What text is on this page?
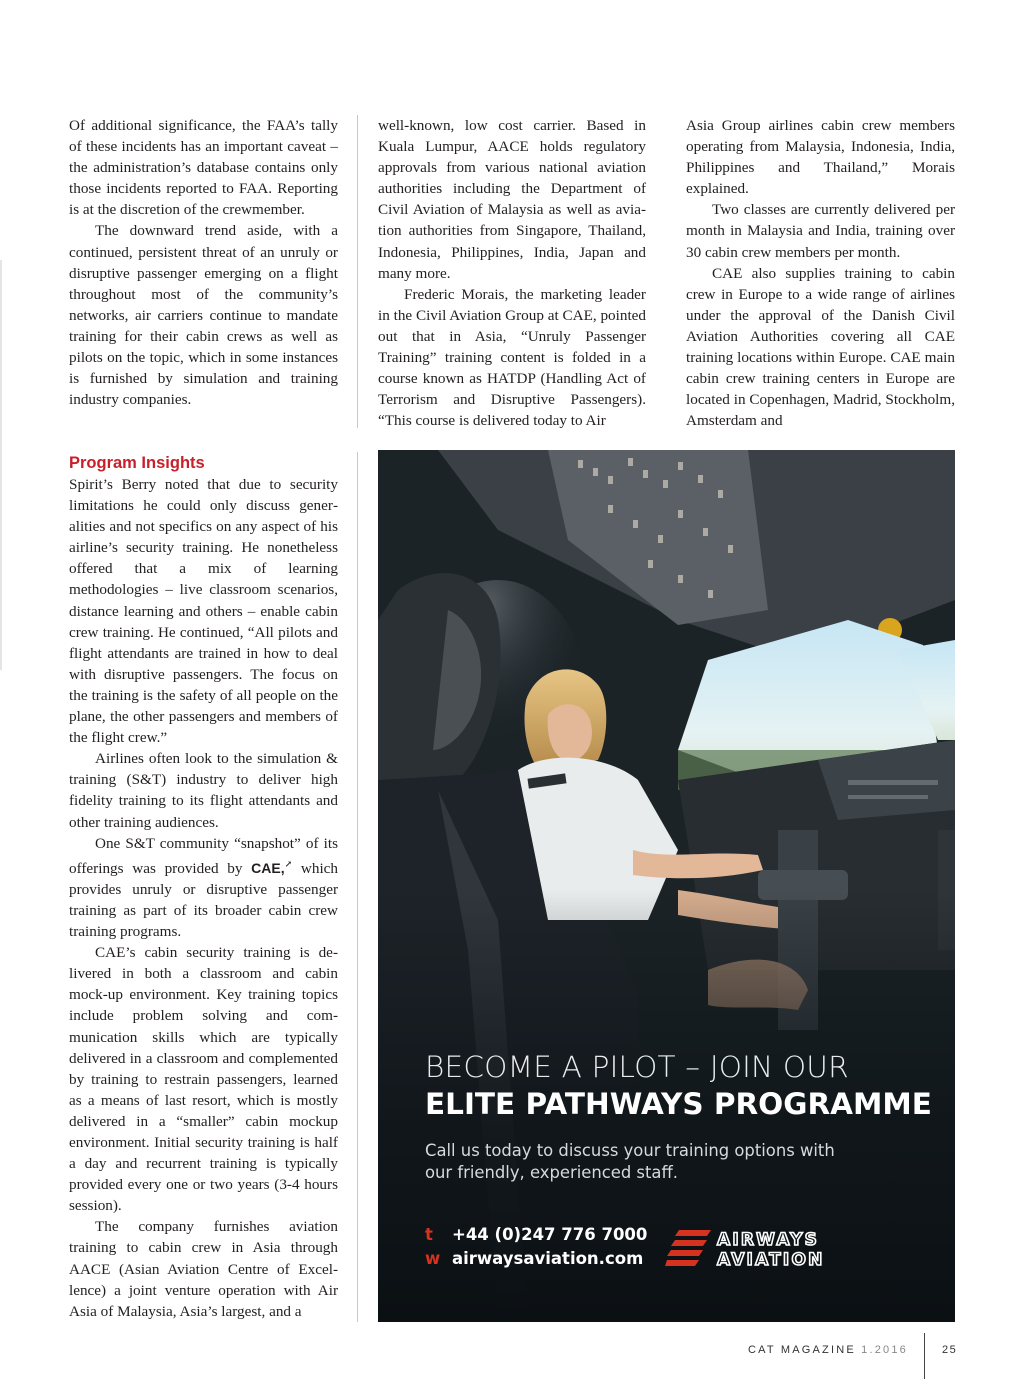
Of additional significance, the FAA’s tally of these incidents has an important caveat – the administration’s database contains only those incidents reported to FAA. Reporting is at the discretion of the crewmember.

The downward trend aside, with a continued, persistent threat of an unruly or disruptive passenger emerging on a flight throughout most of the community’s networks, air carriers continue to mandate training for their cabin crews as well as pilots on the topic, which in some instances is furnished by simulation and training industry companies.

Program Insights

Spirit’s Berry noted that due to security limitations he could only discuss generalities and not specifics on any aspect of his airline’s security training. He nonetheless offered that a mix of learning methodologies – live classroom scenarios, distance learning and others – enable cabin crew training. He continued, “All pilots and flight attendants are trained in how to deal with disruptive passengers. The focus on the training is the safety of all people on the plane, the other passengers and members of the flight crew.”

Airlines often look to the simulation & training (S&T) industry to deliver high fidelity training to its flight attendants and other training audiences.

One S&T community “snapshot” of its offerings was provided by CAE,↗ which provides unruly or disruptive passenger training as part of its broader cabin crew training programs.

CAE’s cabin security training is delivered in both a classroom and cabin mock-up environment. Key training topics include problem solving and communication skills which are typically delivered in a classroom and complemented by training to restrain passengers, learned as a means of last resort, which is mostly delivered in a “smaller” cabin mockup environment. Initial security training is half a day and recurrent training is typically provided every one or two years (3-4 hours session).

The company furnishes aviation training to cabin crew in Asia through AACE (Asian Aviation Centre of Excellence) a joint venture operation with Air Asia of Malaysia, Asia’s largest, and a

well-known, low cost carrier. Based in Kuala Lumpur, AACE holds regulatory approvals from various national aviation authorities including the Department of Civil Aviation of Malaysia as well as aviation authorities from Singapore, Thailand, Indonesia, Philippines, India, Japan and many more.

Frederic Morais, the marketing leader in the Civil Aviation Group at CAE, pointed out that in Asia, “Unruly Passenger Training” training content is folded in a course known as HATDP (Handling Act of Terrorism and Disruptive Passengers). “This course is delivered today to Air

Asia Group airlines cabin crew members operating from Malaysia, Indonesia, India, Philippines and Thailand,” Morais explained.

Two classes are currently delivered per month in Malaysia and India, training over 30 cabin crew members per month.

CAE also supplies training to cabin crew in Europe to a wide range of airlines under the approval of the Danish Civil Aviation Authorities covering all CAE training locations within Europe. CAE main cabin crew training centers in Europe are located in Copenhagen, Madrid, Stockholm, Amsterdam and

BECOME A PILOT – JOIN OUR
ELITE PATHWAYS PROGRAMME
Call us today to discuss your training options with our friendly, experienced staff.
t +44 (0)247 776 7000
w airwaysaviation.com
AIRWAYS
AVIATION
CAT MAGAZINE 1.2016	25
